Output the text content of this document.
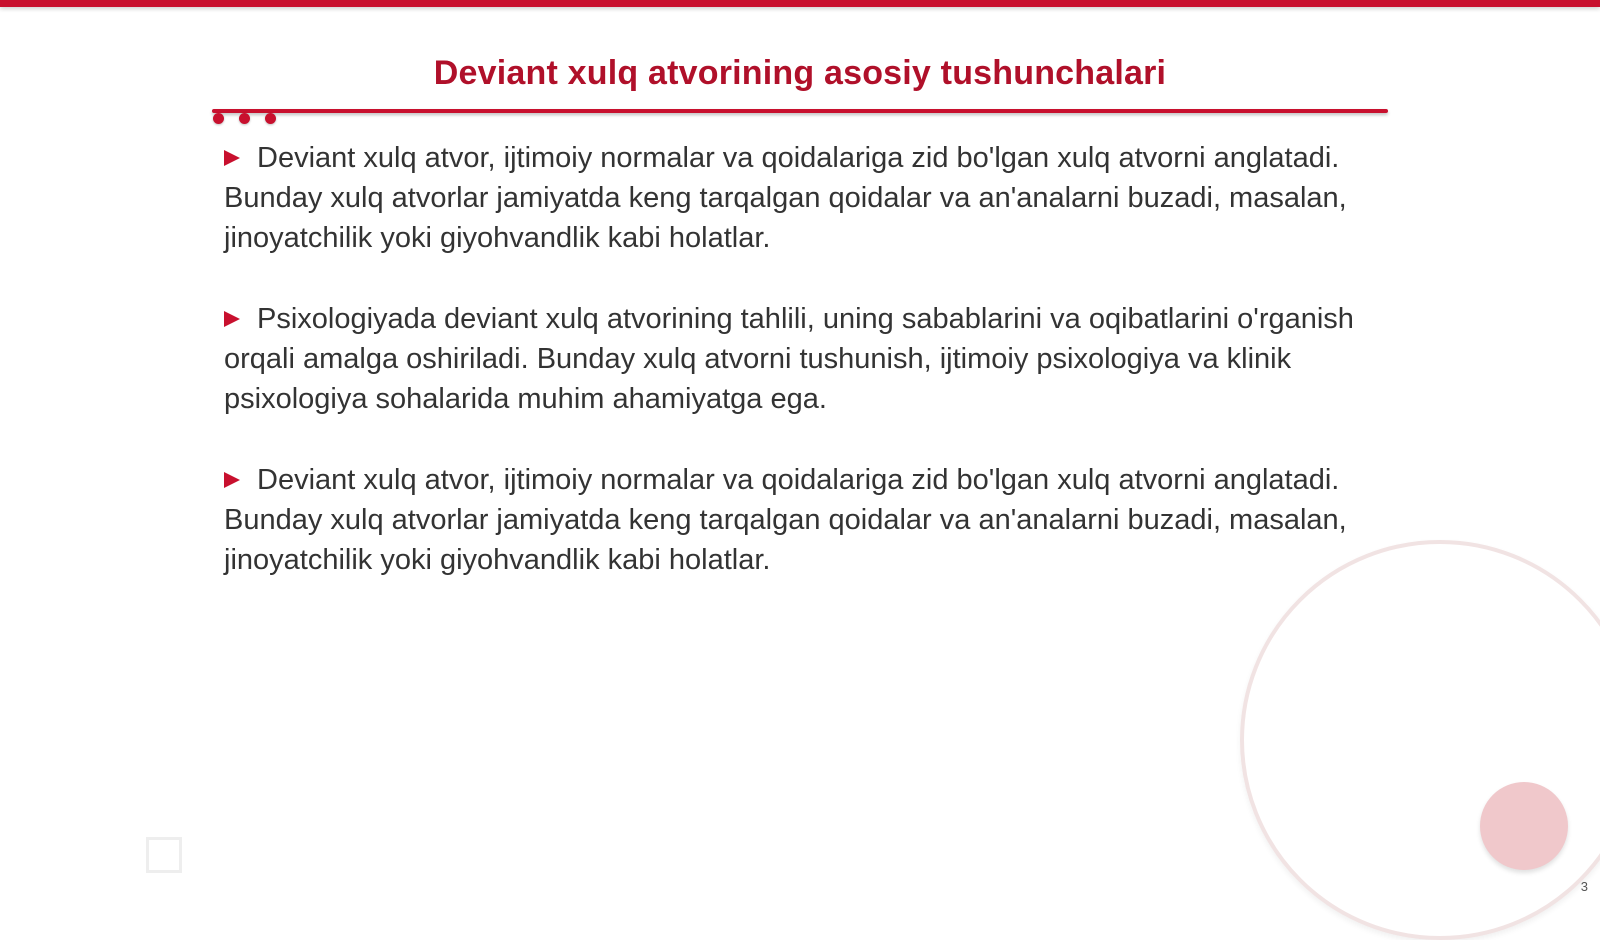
Deviant xulq atvorining asosiy tushunchalari
Deviant xulq atvor, ijtimoiy normalar va qoidalariga zid bo'lgan xulq atvorni anglatadi. Bunday xulq atvorlar jamiyatda keng tarqalgan qoidalar va an'analarni buzadi, masalan, jinoyatchilik yoki giyohvandlik kabi holatlar.
Psixologiyada deviant xulq atvorining tahlili, uning sabablarini va oqibatlarini o'rganish orqali amalga oshiriladi. Bunday xulq atvorni tushunish, ijtimoiy psixologiya va klinik psixologiya sohalarida muhim ahamiyatga ega.
Deviant xulq atvor, ijtimoiy normalar va qoidalariga zid bo'lgan xulq atvorni anglatadi. Bunday xulq atvorlar jamiyatda keng tarqalgan qoidalar va an'analarni buzadi, masalan, jinoyatchilik yoki giyohvandlik kabi holatlar.
3
